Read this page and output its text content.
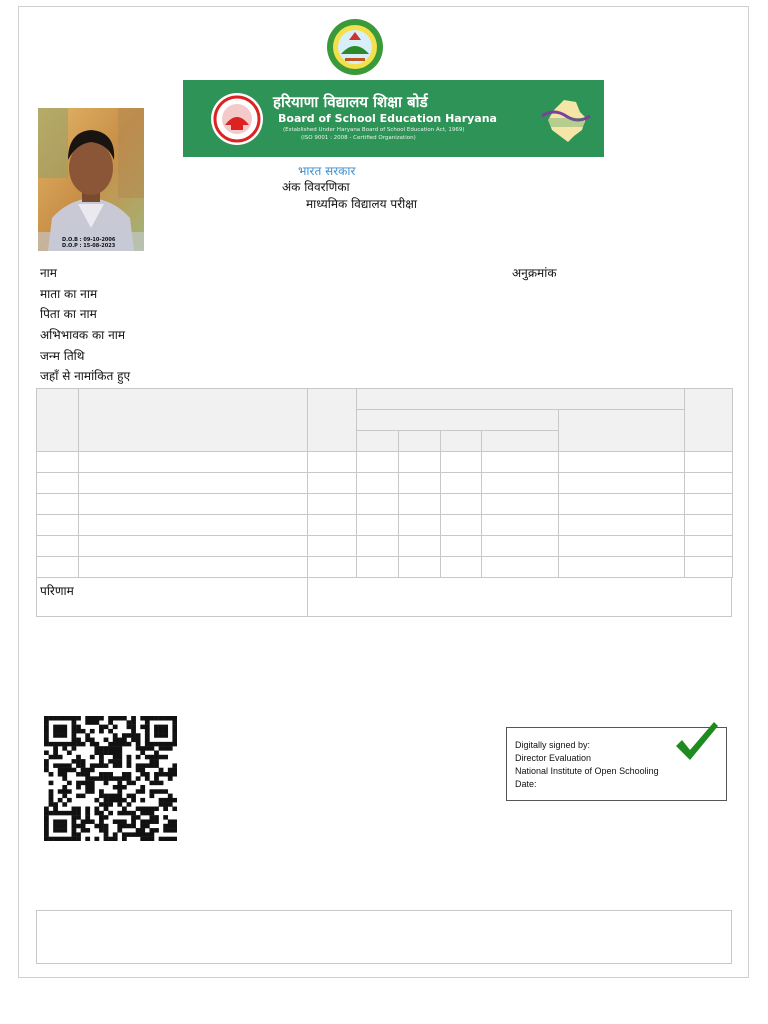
हरियाणा विद्यालय शिक्षा बोर्ड
Board of School Education Haryana
(Established Under Haryana Board of School Education Act, 1969)
(ISO 9001 : 2008 - Certified Organization)
D.O.B : 09-10-2006
D.O.P : 15-08-2023
भारत सरकार
अंक विवरणिका
माध्यमिक विद्यालय परीक्षा
नाम	अनुक्रमांक
माता का नाम
पिता का नाम
अभिभावक का नाम
जन्म तिथि
जहाँ से नामांकित हुए

परिणाम
Digitally signed by:
Director Evaluation
National Institute of Open Schooling
Date:
